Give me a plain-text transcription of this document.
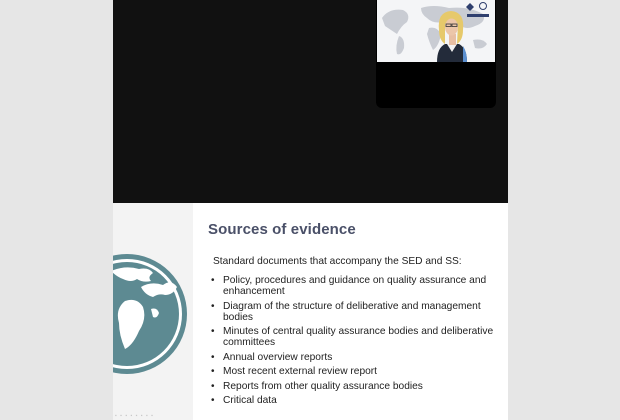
Sources of evidence
Standard documents that accompany the SED and SS:
• Policy, procedures and guidance on quality assurance and enhancement
• Diagram of the structure of deliberative and management bodies
• Minutes of central quality assurance bodies and deliberative committees
• Annual overview reports
• Most recent external review report
• Reports from other quality assurance bodies
• Critical data
▪ ▪ ▪ ▪ ▪ ▪ ▪ ▪
